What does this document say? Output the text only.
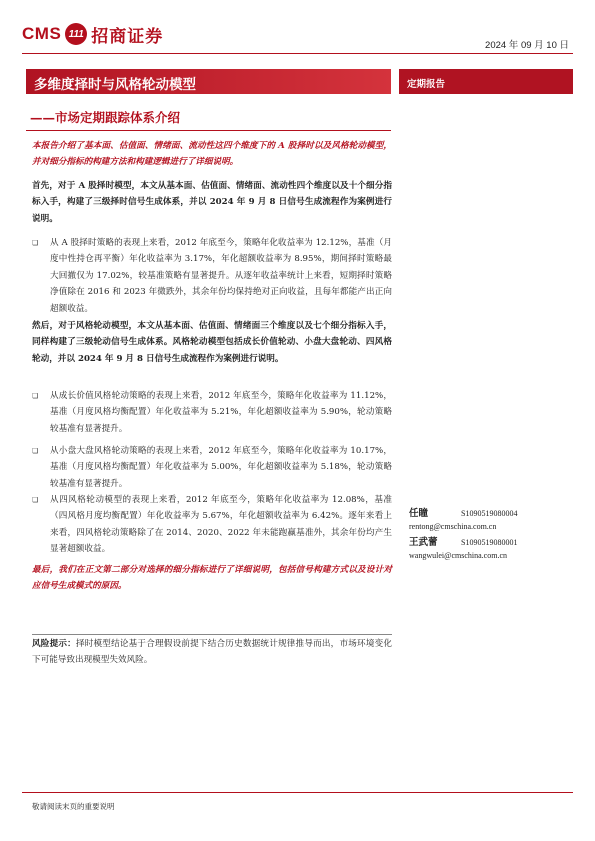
CMS 111 招商证券	2024 年 09 月 10 日
多维度择时与风格轮动模型	定期报告
——市场定期跟踪体系介绍

本报告介绍了基本面、估值面、情绪面、流动性这四个维度下的 A 股择时以及风格轮动模型，并对细分指标的构建方法和构建逻辑进行了详细说明。

首先，对于 A 股择时模型，本文从基本面、估值面、情绪面、流动性四个维度以及十个细分指标入手，构建了三级择时信号生成体系，并以 2024 年 9 月 8 日信号生成流程作为案例进行说明。

❏	从 A 股择时策略的表现上来看，2012 年底至今，策略年化收益率为 12.12%，基准（月度中性持仓再平衡）年化收益率为 3.17%，年化超额收益率为 8.95%，期间择时策略最大回撤仅为 17.02%，较基准策略有显著提升。从逐年收益率统计上来看，短期择时策略净值除在 2016 和 2023 年微跌外，其余年份均保持绝对正向收益，且每年都能产出正向超额收益。

然后，对于风格轮动模型，本文从基本面、估值面、情绪面三个维度以及七个细分指标入手，同样构建了三级轮动信号生成体系。风格轮动模型包括成长价值轮动、小盘大盘轮动、四风格轮动，并以 2024 年 9 月 8 日信号生成流程作为案例进行说明。

❏	从成长价值风格轮动策略的表现上来看，2012 年底至今，策略年化收益率为 11.12%，基准（月度风格均衡配置）年化收益率为 5.21%，年化超额收益率为 5.90%，轮动策略较基准有显著提升。

❏	从小盘大盘风格轮动策略的表现上来看，2012 年底至今，策略年化收益率为 10.17%，基准（月度风格均衡配置）年化收益率为 5.00%，年化超额收益率为 5.18%，轮动策略较基准有显著提升。

❏	从四风格轮动模型的表现上来看，2012 年底至今，策略年化收益率为 12.08%，基准（四风格月度均衡配置）年化收益率为 5.67%，年化超额收益率为 6.42%。逐年来看上来看，四风格轮动策略除了在 2014、2020、2022 年未能跑赢基准外，其余年份均产生显著超额收益。

最后，我们在正文第二部分对选择的细分指标进行了详细说明，包括信号构建方式以及设计对应信号生成模式的原因。

风险提示：择时模型结论基于合理假设前提下结合历史数据统计规律推导而出，市场环境变化下可能导致出现模型失效风险。

任瞳	S1090519080004
rentong@cmschina.com.cn
王武蕾	S1090519080001
wangwulei@cmschina.com.cn
敬请阅读末页的重要说明
